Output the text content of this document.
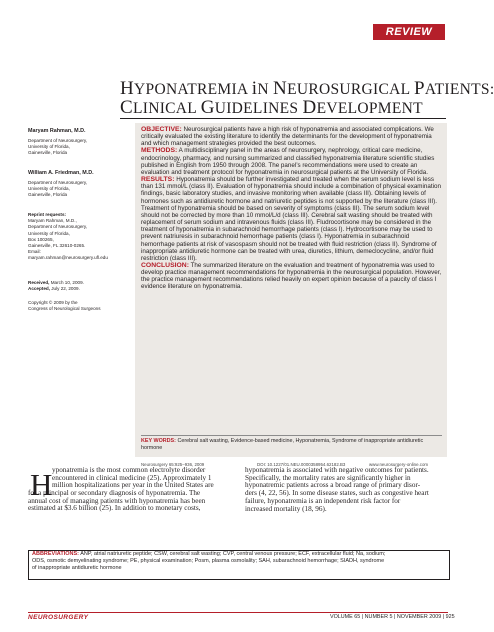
REVIEW
HYPONATREMIA iN NEUROSURGICAL PATIENTS:
CLINICAL GUIDELINES DEVELOPMENT
Maryam Rahman, M.D.
Department of Neurosurgery,
University of Florida,
Gainesville, Florida
William A. Friedman, M.D.
Department of Neurosurgery,
University of Florida,
Gainesville, Florida
Reprint requests:
Maryam Rahman, M.D.,
Department of Neurosurgery,
University of Florida,
Box 100265,
Gainesville, FL 32610-0265.
Email:
maryam.rahman@neurosurgery.ufl.edu
Received, March 10, 2009.
Accepted, July 22, 2009.
Copyright © 2009 by the
Congress of Neurological Surgeons

OBJECTIVE: Neurosurgical patients have a high risk of hyponatremia and associated complications. We critically evaluated the existing literature to identify the determinants for the development of hyponatremia and which management strategies provided the best outcomes.

METHODS: A multidisciplinary panel in the areas of neurosurgery, nephrology, critical care medicine, endocrinology, pharmacy, and nursing summarized and classified hyponatremia literature scientific studies published in English from 1950 through 2008. The panel’s recommendations were used to create an evaluation and treatment protocol for hyponatremia in neurosurgical patients at the University of Florida.

RESULTS: Hyponatremia should be further investigated and treated when the serum sodium level is less than 131 mmol/L (class II). Evaluation of hyponatremia should include a combination of physical examination findings, basic laboratory studies, and invasive monitoring when available (class III). Obtaining levels of hormones such as antidiuretic hormone and natriuretic peptides is not supported by the literature (class III). Treatment of hyponatremia should be based on severity of symptoms (class III). The serum sodium level should not be corrected by more than 10 mmol/L/d (class III). Cerebral salt wasting should be treated with replacement of serum sodium and intravenous fluids (class III). Fludrocortisone may be considered in the treatment of hyponatremia in subarachnoid hemorrhage patients (class I). Hydrocortisone may be used to prevent natriuresis in subarachnoid hemorrhage patients (class I). Hyponatremia in subarachnoid hemorrhage patients at risk of vasospasm should not be treated with fluid restriction (class II). Syndrome of inappropriate antidiuretic hormone can be treated with urea, diuretics, lithium, demeclocycline, and/or fluid restriction (class III).

CONCLUSION: The summarized literature on the evaluation and treatment of hyponatremia was used to develop practice management recommendations for hyponatremia in the neurosurgical population. However, the practice management recommendations relied heavily on expert opinion because of a paucity of class I evidence literature on hyponatremia.

KEY WORDS: Cerebral salt wasting, Evidence-based medicine, Hyponatremia, Syndrome of inappropriate antidiuretic hormone
Neurosurgery 65:925–936, 2009	DOI: 10.1227/01.NEU.0000358954.62182.B3	www.neurosurgery-online.com
H yponatremia is the most common electrolyte disorder
encountered in clinical medicine (25). Approximately 1
million hospitalizations per year in the United States are
for a principal or secondary diagnosis of hyponatremia. The
annual cost of managing patients with hyponatremia has been
estimated at $3.6 billion (25). In addition to monetary costs,
hyponatremia is associated with negative outcomes for patients.
Specifically, the mortality rates are significantly higher in
hyponatremic patients across a broad range of primary disor-
ders (4, 22, 56). In some disease states, such as congestive heart
failure, hyponatremia is an independent risk factor for
increased mortality (18, 96).
ABBREVIATIONS: ANP, atrial natriuretic peptide; CSW, cerebral salt wasting; CVP, central venous pressure; ECF, extracellular fluid; Na, sodium;
ODS, osmotic demyelinating syndrome; PE, physical examination; Posm, plasma osmolality; SAH, subarachnoid hemorrhage; SIADH, syndrome
of inappropriate antidiuretic hormone
NEUROSURGERY	VOLUME 65 | NUMBER 5 | NOVEMBER 2009 | 925
